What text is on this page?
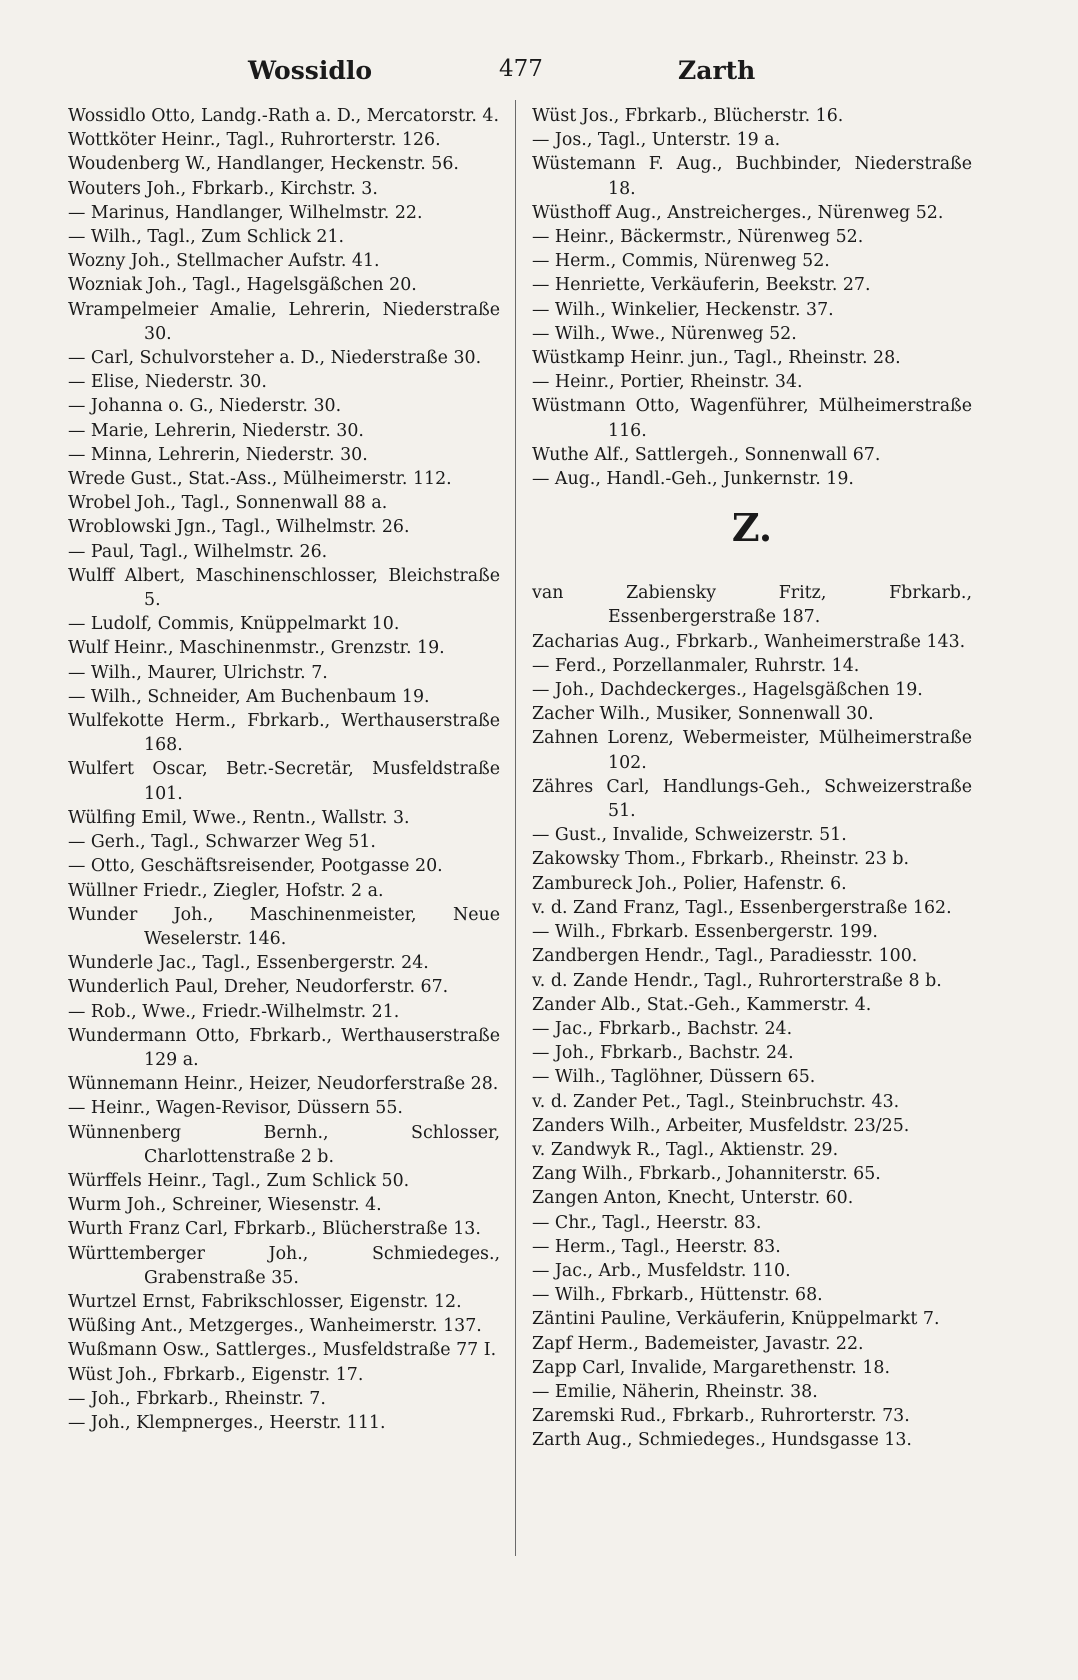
Wossidlo	477	Zarth
Wossidlo Otto, Landg.-Rath a. D., Mercatorstr. 4.
Wottköter Heinr., Tagl., Ruhrorterstr. 126.
Woudenberg W., Handlanger, Heckenstr. 56.
Wouters Joh., Fbrkarb., Kirchstr. 3.
— Marinus, Handlanger, Wilhelmstr. 22.
— Wilh., Tagl., Zum Schlick 21.
Wozny Joh., Stellmacher Aufstr. 41.
Wozniak Joh., Tagl., Hagelsgäßchen 20.
Wrampelmeier Amalie, Lehrerin, Niederstraße 30.
— Carl, Schulvorsteher a. D., Niederstraße 30.
— Elise, Niederstr. 30.
— Johanna o. G., Niederstr. 30.
— Marie, Lehrerin, Niederstr. 30.
— Minna, Lehrerin, Niederstr. 30.
Wrede Gust., Stat.-Ass., Mülheimerstr. 112.
Wrobel Joh., Tagl., Sonnenwall 88 a.
Wroblowski Jgn., Tagl., Wilhelmstr. 26.
— Paul, Tagl., Wilhelmstr. 26.
Wulff Albert, Maschinenschlosser, Bleichstraße 5.
— Ludolf, Commis, Knüppelmarkt 10.
Wulf Heinr., Maschinenmstr., Grenzstr. 19.
— Wilh., Maurer, Ulrichstr. 7.
— Wilh., Schneider, Am Buchenbaum 19.
Wulfekotte Herm., Fbrkarb., Werthauserstraße 168.
Wulfert Oscar, Betr.-Secretär, Musfeldstraße 101.
Wülfing Emil, Wwe., Rentn., Wallstr. 3.
— Gerh., Tagl., Schwarzer Weg 51.
— Otto, Geschäftsreisender, Pootgasse 20.
Wüllner Friedr., Ziegler, Hofstr. 2 a.
Wunder Joh., Maschinenmeister, Neue Weselerstr. 146.
Wunderle Jac., Tagl., Essenbergerstr. 24.
Wunderlich Paul, Dreher, Neudorferstr. 67.
— Rob., Wwe., Friedr.-Wilhelmstr. 21.
Wundermann Otto, Fbrkarb., Werthauserstraße 129 a.
Wünnemann Heinr., Heizer, Neudorferstraße 28.
— Heinr., Wagen-Revisor, Düssern 55.
Wünnenberg Bernh., Schlosser, Charlottenstraße 2 b.
Würffels Heinr., Tagl., Zum Schlick 50.
Wurm Joh., Schreiner, Wiesenstr. 4.
Wurth Franz Carl, Fbrkarb., Blücherstraße 13.
Württemberger Joh., Schmiedeges., Grabenstraße 35.
Wurtzel Ernst, Fabrikschlosser, Eigenstr. 12.
Wüßing Ant., Metzgerges., Wanheimerstr. 137.
Wußmann Osw., Sattlerges., Musfeldstraße 77 I.
Wüst Joh., Fbrkarb., Eigenstr. 17.
— Joh., Fbrkarb., Rheinstr. 7.
— Joh., Klempnerges., Heerstr. 111.
Wüst Jos., Fbrkarb., Blücherstr. 16.
— Jos., Tagl., Unterstr. 19 a.
Wüstemann F. Aug., Buchbinder, Niederstraße 18.
Wüsthoff Aug., Anstreicherges., Nürenweg 52.
— Heinr., Bäckermstr., Nürenweg 52.
— Herm., Commis, Nürenweg 52.
— Henriette, Verkäuferin, Beekstr. 27.
— Wilh., Winkelier, Heckenstr. 37.
— Wilh., Wwe., Nürenweg 52.
Wüstkamp Heinr. jun., Tagl., Rheinstr. 28.
— Heinr., Portier, Rheinstr. 34.
Wüstmann Otto, Wagenführer, Mülheimerstraße 116.
Wuthe Alf., Sattlergeh., Sonnenwall 67.
— Aug., Handl.-Geh., Junkernstr. 19.
Z.
van Zabiensky Fritz, Fbrkarb., Essenbergerstraße 187.
Zacharias Aug., Fbrkarb., Wanheimerstraße 143.
— Ferd., Porzellanmaler, Ruhrstr. 14.
— Joh., Dachdeckerges., Hagelsgäßchen 19.
Zacher Wilh., Musiker, Sonnenwall 30.
Zahnen Lorenz, Webermeister, Mülheimerstraße 102.
Zähres Carl, Handlungs-Geh., Schweizerstraße 51.
— Gust., Invalide, Schweizerstr. 51.
Zakowsky Thom., Fbrkarb., Rheinstr. 23 b.
Zambureck Joh., Polier, Hafenstr. 6.
v. d. Zand Franz, Tagl., Essenbergerstraße 162.
— Wilh., Fbrkarb. Essenbergerstr. 199.
Zandbergen Hendr., Tagl., Paradiesstr. 100.
v. d. Zande Hendr., Tagl., Ruhrorterstraße 8 b.
Zander Alb., Stat.-Geh., Kammerstr. 4.
— Jac., Fbrkarb., Bachstr. 24.
— Joh., Fbrkarb., Bachstr. 24.
— Wilh., Taglöhner, Düssern 65.
v. d. Zander Pet., Tagl., Steinbruchstr. 43.
Zanders Wilh., Arbeiter, Musfeldstr. 23/25.
v. Zandwyk R., Tagl., Aktienstr. 29.
Zang Wilh., Fbrkarb., Johanniterstr. 65.
Zangen Anton, Knecht, Unterstr. 60.
— Chr., Tagl., Heerstr. 83.
— Herm., Tagl., Heerstr. 83.
— Jac., Arb., Musfeldstr. 110.
— Wilh., Fbrkarb., Hüttenstr. 68.
Zäntini Pauline, Verkäuferin, Knüppelmarkt 7.
Zapf Herm., Bademeister, Javastr. 22.
Zapp Carl, Invalide, Margarethenstr. 18.
— Emilie, Näherin, Rheinstr. 38.
Zaremski Rud., Fbrkarb., Ruhrorterstr. 73.
Zarth Aug., Schmiedeges., Hundsgasse 13.
